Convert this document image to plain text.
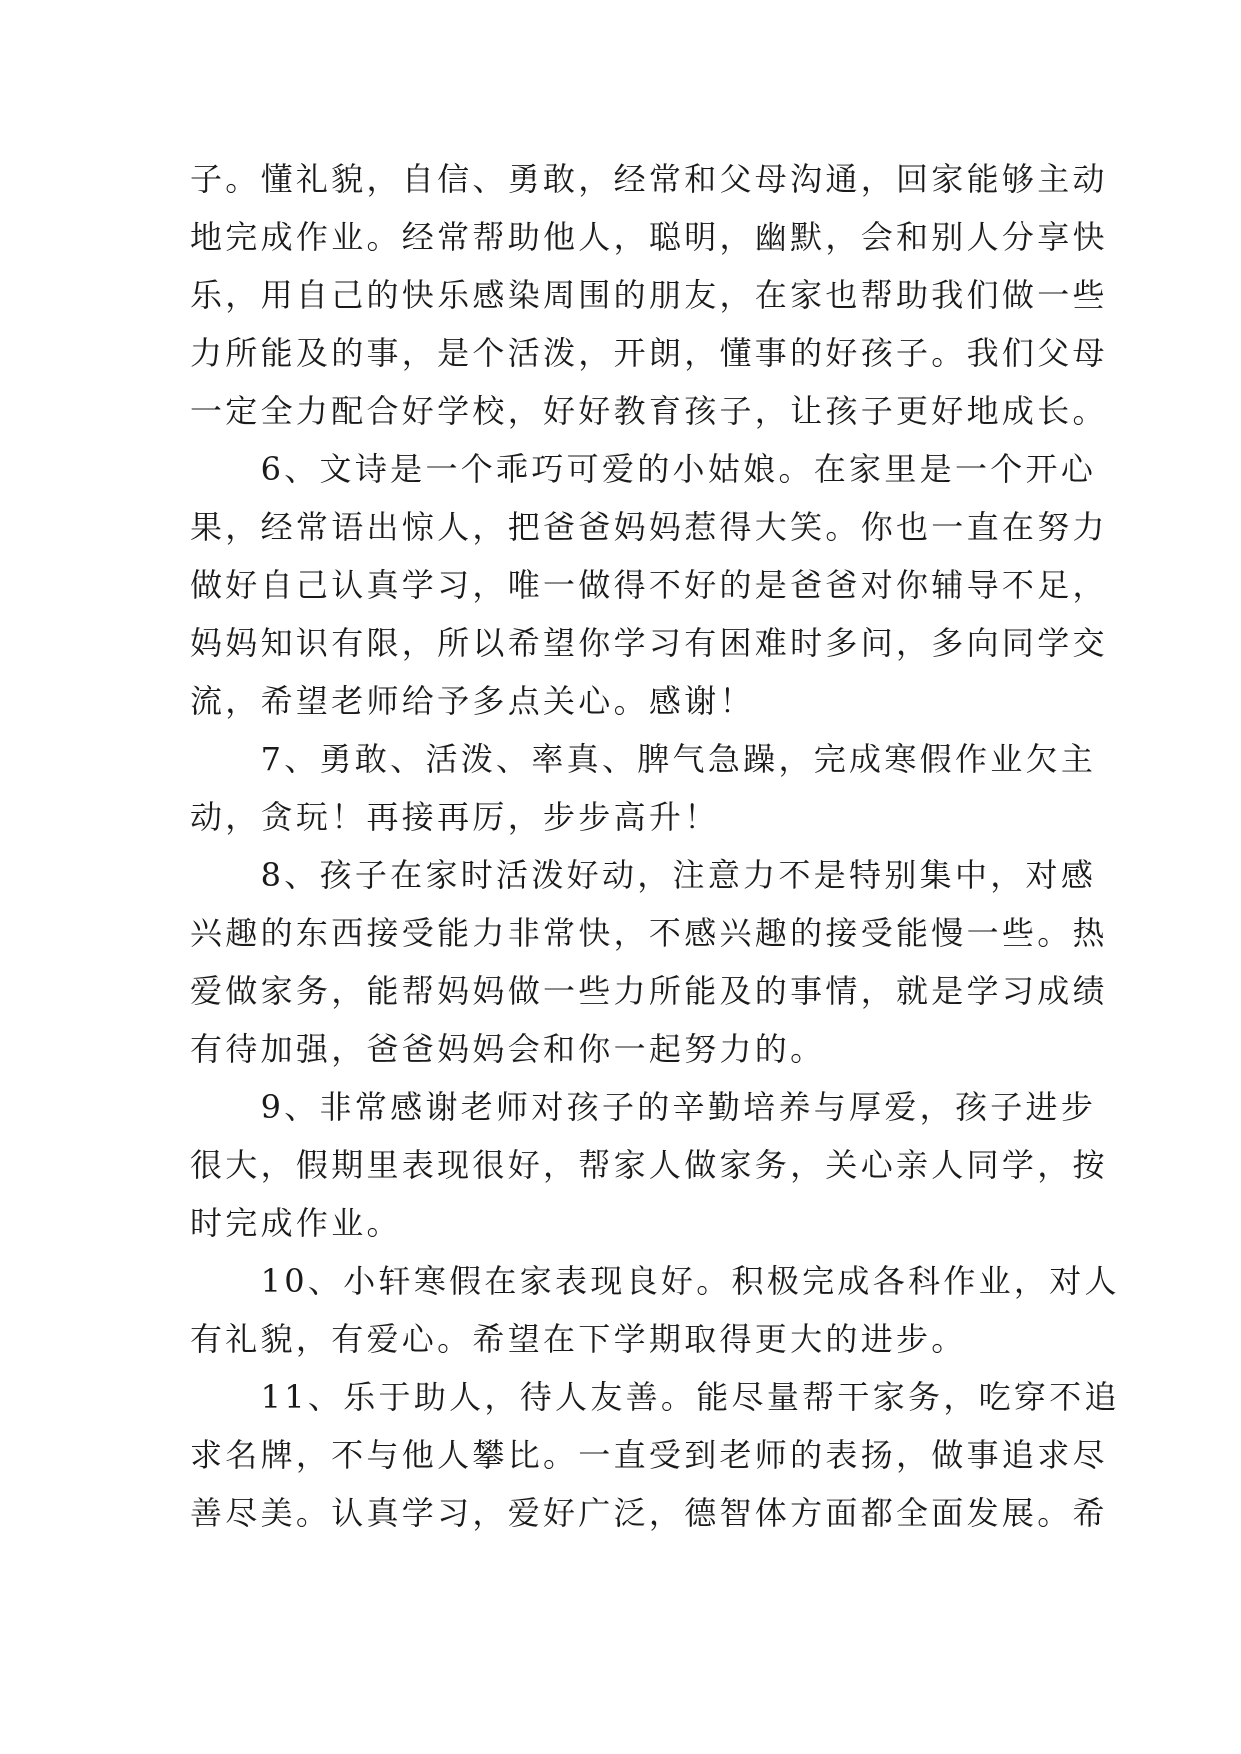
子。懂礼貌，自信、勇敢，经常和父母沟通，回家能够主动
地完成作业。经常帮助他人，聪明，幽默，会和别人分享快
乐，用自己的快乐感染周围的朋友，在家也帮助我们做一些
力所能及的事，是个活泼，开朗，懂事的好孩子。我们父母
一定全力配合好学校，好好教育孩子，让孩子更好地成长。
　　6、文诗是一个乖巧可爱的小姑娘。在家里是一个开心
果，经常语出惊人，把爸爸妈妈惹得大笑。你也一直在努力
做好自己认真学习，唯一做得不好的是爸爸对你辅导不足，
妈妈知识有限，所以希望你学习有困难时多问，多向同学交
流，希望老师给予多点关心。感谢！
　　7、勇敢、活泼、率真、脾气急躁，完成寒假作业欠主
动，贪玩！再接再厉，步步高升！
　　8、孩子在家时活泼好动，注意力不是特别集中，对感
兴趣的东西接受能力非常快，不感兴趣的接受能慢一些。热
爱做家务，能帮妈妈做一些力所能及的事情，就是学习成绩
有待加强，爸爸妈妈会和你一起努力的。
　　9、非常感谢老师对孩子的辛勤培养与厚爱，孩子进步
很大，假期里表现很好，帮家人做家务，关心亲人同学，按
时完成作业。
　　10、小轩寒假在家表现良好。积极完成各科作业，对人
有礼貌，有爱心。希望在下学期取得更大的进步。
　　11、乐于助人，待人友善。能尽量帮干家务，吃穿不追
求名牌，不与他人攀比。一直受到老师的表扬，做事追求尽
善尽美。认真学习，爱好广泛，德智体方面都全面发展。希
